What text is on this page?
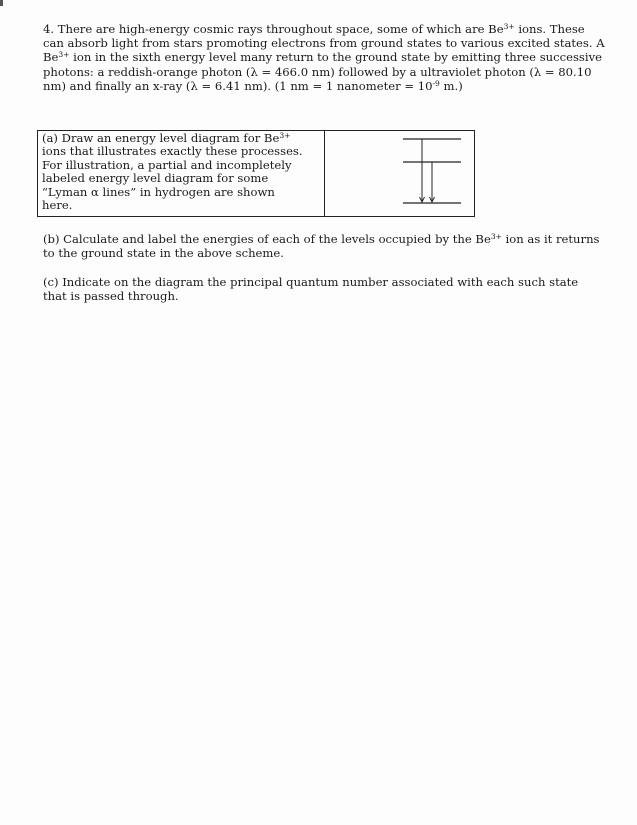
4. There are high-energy cosmic rays throughout space, some of which are $Be^{3+}$ ions. These can absorb light from stars promoting electrons from ground states to various excited states. A $Be^{3+}$ ion in the sixth energy level many return to the ground state by emitting three successive photons: a reddish-orange photon (λ = 466.0 nm) followed by a ultraviolet photon (λ = 80.10 nm) and finally an x-ray (λ = 6.41 nm). (1 nm = 1 nanometer = $10^{-9}$ m.)

(a) Draw an energy level diagram for $Be^{3+}$ ions that illustrates exactly these processes. For illustration, a partial and incompletely labeled energy level diagram for some “Lyman α lines” in hydrogen are shown here.

(b) Calculate and label the energies of each of the levels occupied by the $Be^{3+}$ ion as it returns to the ground state in the above scheme.

(c) Indicate on the diagram the principal quantum number associated with each such state that is passed through.
